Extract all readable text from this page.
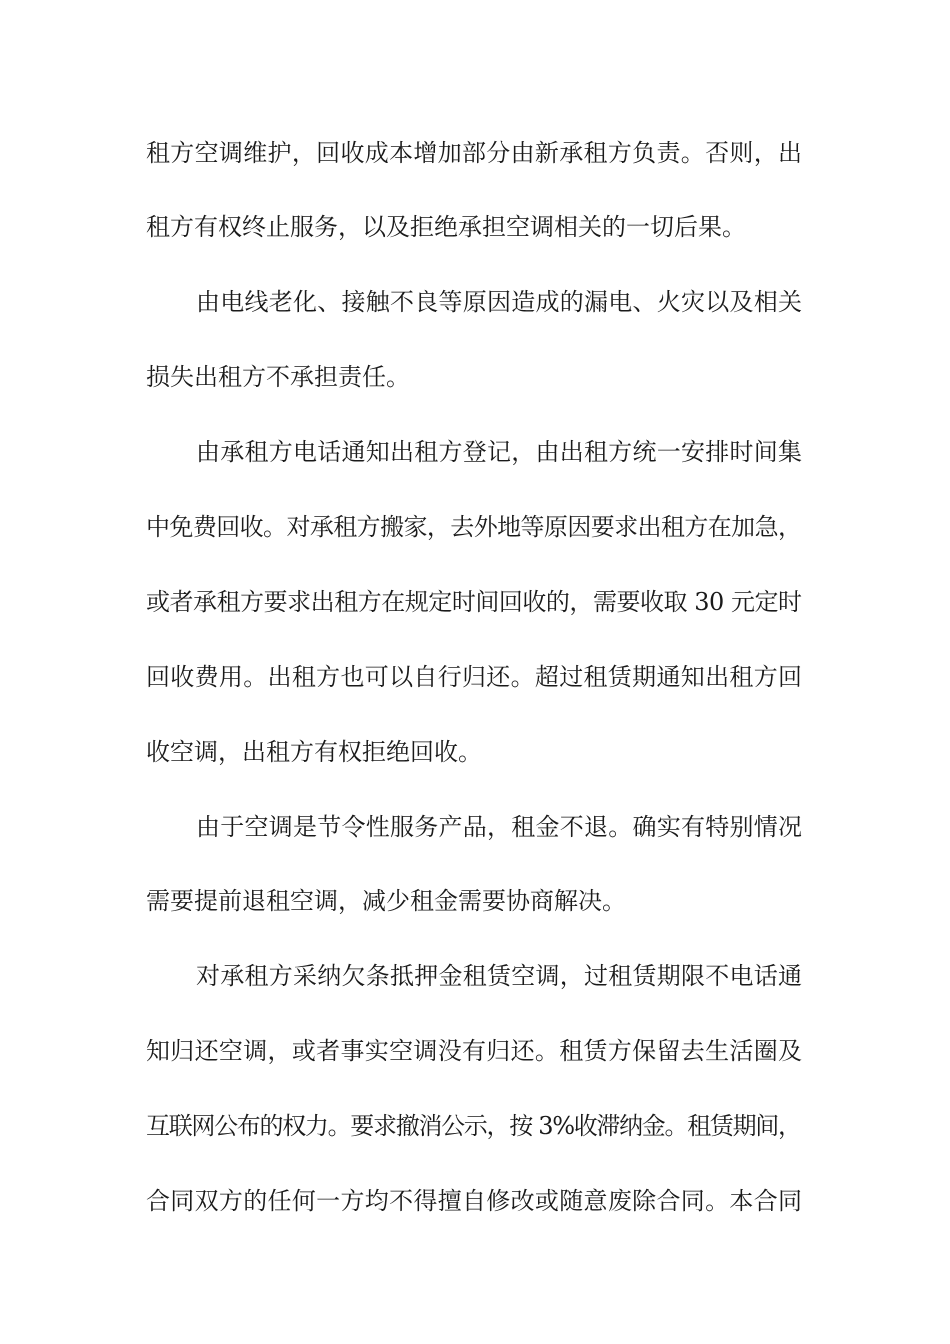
租方空调维护，回收成本增加部分由新承租方负责。否则，出
租方有权终止服务，以及拒绝承担空调相关的一切后果。
由电线老化、接触不良等原因造成的漏电、火灾以及相关
损失出租方不承担责任。
由承租方电话通知出租方登记，由出租方统一安排时间集
中免费回收。对承租方搬家，去外地等原因要求出租方在加急，
或者承租方要求出租方在规定时间回收的，需要收取 30 元定时
回收费用。出租方也可以自行归还。超过租赁期通知出租方回
收空调，出租方有权拒绝回收。
由于空调是节令性服务产品，租金不退。确实有特别情况
需要提前退租空调，减少租金需要协商解决。
对承租方采纳欠条抵押金租赁空调，过租赁期限不电话通
知归还空调，或者事实空调没有归还。租赁方保留去生活圈及
互联网公布的权力。要求撤消公示，按 3%收滞纳金。租赁期间，
合同双方的任何一方均不得擅自修改或随意废除合同。本合同
